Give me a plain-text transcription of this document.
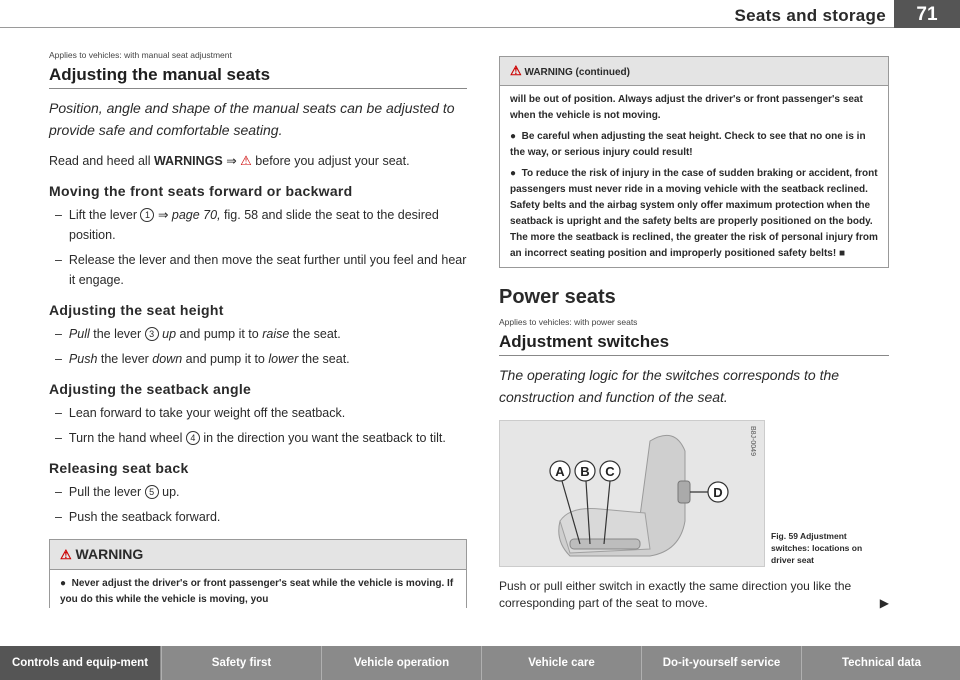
Seats and storage	71
Applies to vehicles: with manual seat adjustment
Adjusting the manual seats
Position, angle and shape of the manual seats can be adjusted to provide safe and comfortable seating.

Read and heed all WARNINGS ⇒ ⚠ before you adjust your seat.

Moving the front seats forward or backward
–  Lift the lever 1 ⇒ page 70, fig. 58 and slide the seat to the desired position.
–  Release the lever and then move the seat further until you feel and hear it engage.
Adjusting the seat height
–  Pull the lever 3 up and pump it to raise the seat.
–  Push the lever down and pump it to lower the seat.
Adjusting the seatback angle
–  Lean forward to take your weight off the seatback.
–  Turn the hand wheel 4 in the direction you want the seatback to tilt.
Releasing seat back
–  Pull the lever 5 up.
–  Push the seatback forward.
⚠ WARNING

●  Never adjust the driver's or front passenger's seat while the vehicle is moving. If you do this while the vehicle is moving, you

⚠ WARNING (continued)

will be out of position. Always adjust the driver's or front passenger's seat when the vehicle is not moving.

●  Be careful when adjusting the seat height. Check to see that no one is in the way, or serious injury could result!

●  To reduce the risk of injury in the case of sudden braking or accident, front passengers must never ride in a moving vehicle with the seatback reclined. Safety belts and the airbag system only offer maximum protection when the seatback is upright and the safety belts are properly positioned on the body. The more the seatback is reclined, the greater the risk of personal injury from an incorrect seating position and improperly positioned safety belts! ■

Power seats
Applies to vehicles: with power seats
Adjustment switches
The operating logic for the switches corresponds to the construction and function of the seat.
A B C
D
B8J-0049
Fig. 59 Adjustment switches: locations on driver seat

Push or pull either switch in exactly the same direction you like the corresponding part of the seat to move.	▶

Controls and equip-ment	Safety first	Vehicle operation	Vehicle care	Do-it-yourself service	Technical data
